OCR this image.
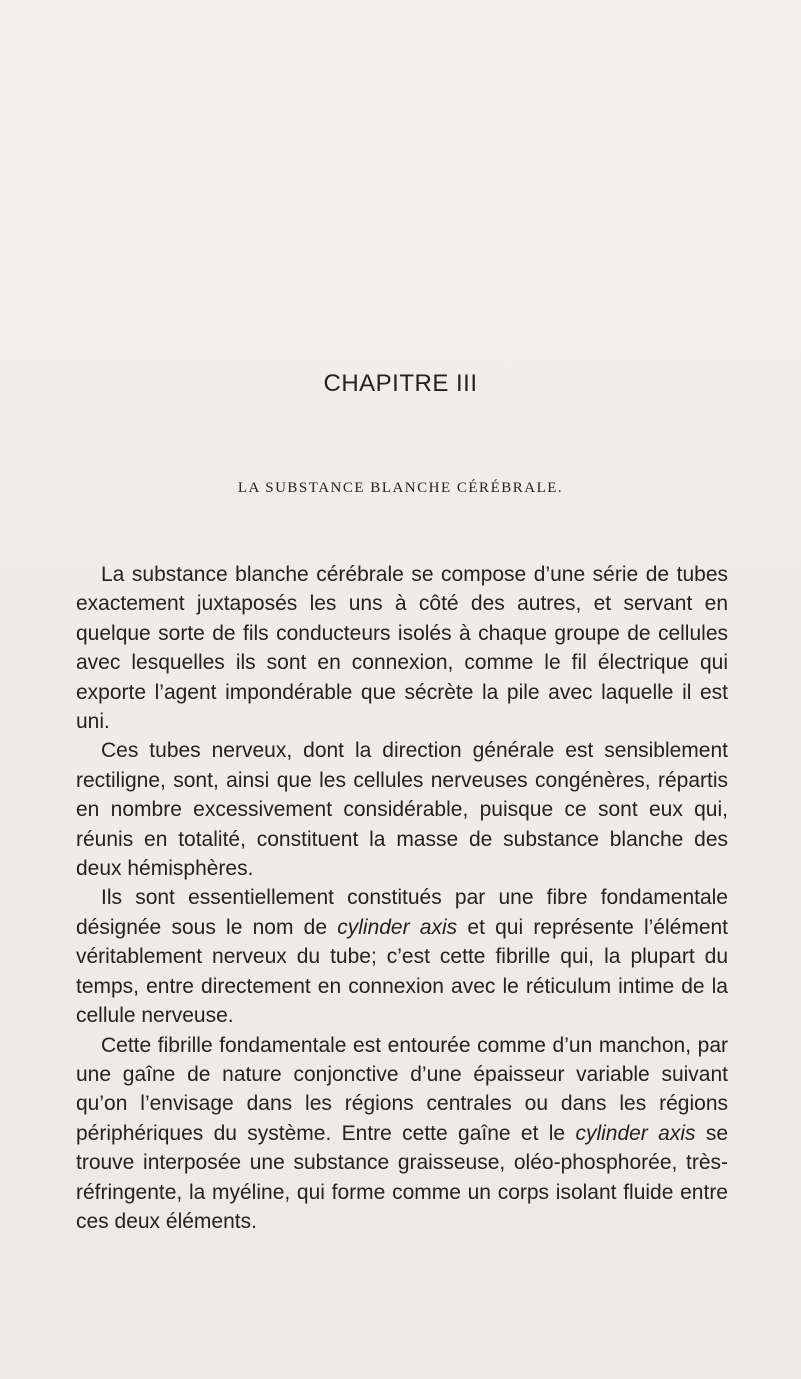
CHAPITRE III
LA SUBSTANCE BLANCHE CÉRÉBRALE.

La substance blanche cérébrale se compose d’une série de tubes exactement juxtaposés les uns à côté des autres, et servant en quelque sorte de fils conducteurs isolés à chaque groupe de cellules avec lesquelles ils sont en connexion, comme le fil électrique qui exporte l’agent impondérable que sécrète la pile avec laquelle il est uni.

Ces tubes nerveux, dont la direction générale est sensiblement rectiligne, sont, ainsi que les cellules nerveuses congénères, répartis en nombre excessivement considérable, puisque ce sont eux qui, réunis en totalité, constituent la masse de substance blanche des deux hémisphères.

Ils sont essentiellement constitués par une fibre fondamentale désignée sous le nom de cylinder axis et qui représente l’élément véritablement nerveux du tube; c’est cette fibrille qui, la plupart du temps, entre directement en connexion avec le réticulum intime de la cellule nerveuse.

Cette fibrille fondamentale est entourée comme d’un manchon, par une gaîne de nature conjonctive d’une épaisseur variable suivant qu’on l’envisage dans les régions centrales ou dans les régions périphériques du système. Entre cette gaîne et le cylinder axis se trouve interposée une substance graisseuse, oléo-phosphorée, très-réfringente, la myéline, qui forme comme un corps isolant fluide entre ces deux éléments.
